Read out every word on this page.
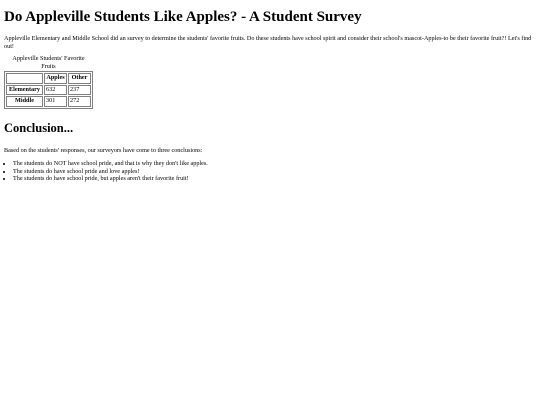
Do Appleville Students Like Apples? - A Student Survey

Appleville Elementary and Middle School did an survey to determine the students' favorite fruits. Do these students have school spirit and consider their school's mascot-Apples-to be their favorite fruit?! Let's find out!

Appleville Students' Favorite Fruits
	Apples	Other
Elementary	632	237
Middle	301	272
Conclusion...

Based on the students' responses, our surveyors have come to three conclusions:

• The students do NOT have school pride, and that is why they don't like apples.
• The students do have school pride and love apples!
• The students do have school pride, but apples aren't their favorite fruit!
